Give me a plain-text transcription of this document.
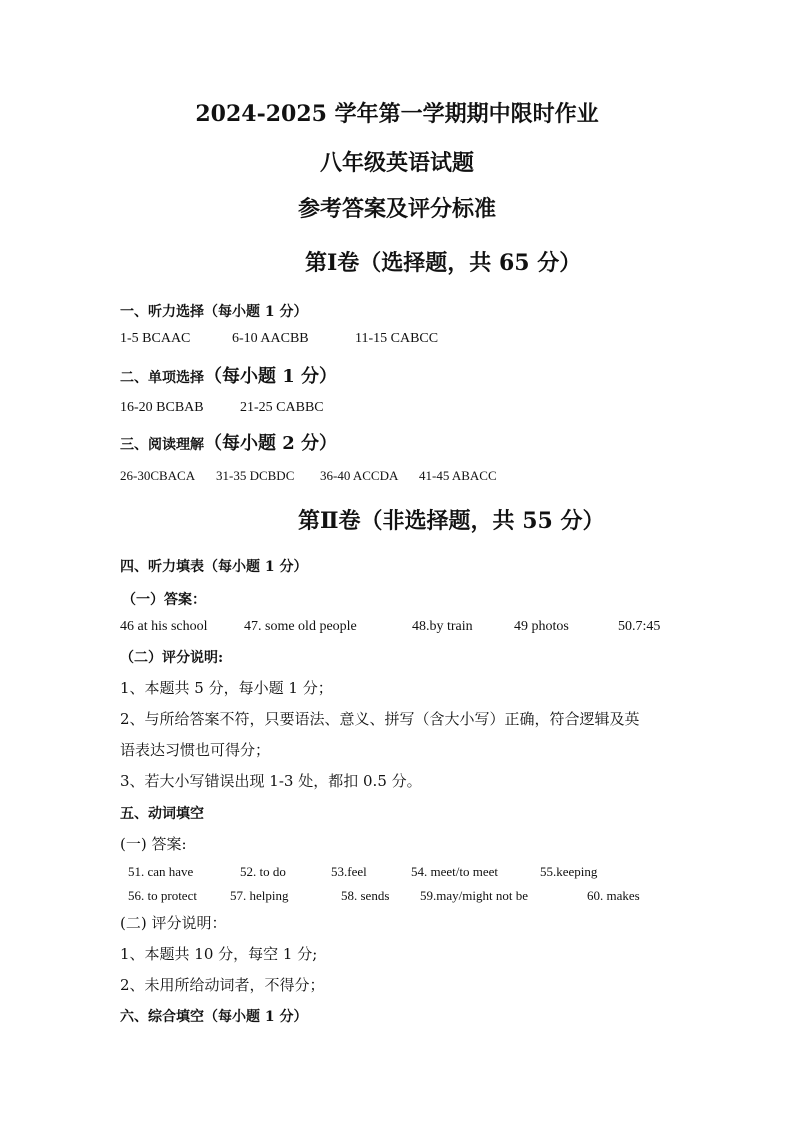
2024-2025 学年第一学期期中限时作业
八年级英语试题
参考答案及评分标准
第Ⅰ卷（选择题，共 65 分）
一、听力选择（每小题 1 分）
1-5 BCAAC	6-10 AACBB	11-15 CABCC
二、单项选择（每小题 1 分）
16-20 BCBAB	21-25 CABBC
三、阅读理解（每小题 2 分）
26-30CBACA 31-35 DCBDC 36-40 ACCDA 41-45 ABACC
第Ⅱ卷（非选择题，共 55 分）
四、听力填表（每小题 1 分）
（一）答案：
46 at his school	47. some old people	48.by train	49 photos	50.7:45
（二）评分说明:
1、本题共 5 分，每小题 1 分；
2、与所给答案不符，只要语法、意义、拼写（含大小写）正确，符合逻辑及英
语表达习惯也可得分；
3、若大小写错误出现 1-3 处，都扣 0.5 分。
五、动词填空
(一) 答案:
51. can have	52. to do	53.feel	54. meet/to meet	55.keeping
56. to protect	57. helping	58. sends 59.may/might not be	60. makes
(二) 评分说明：
1、本题共 10 分，每空 1 分;
2、未用所给动词者，不得分；
六、综合填空（每小题 1 分）
